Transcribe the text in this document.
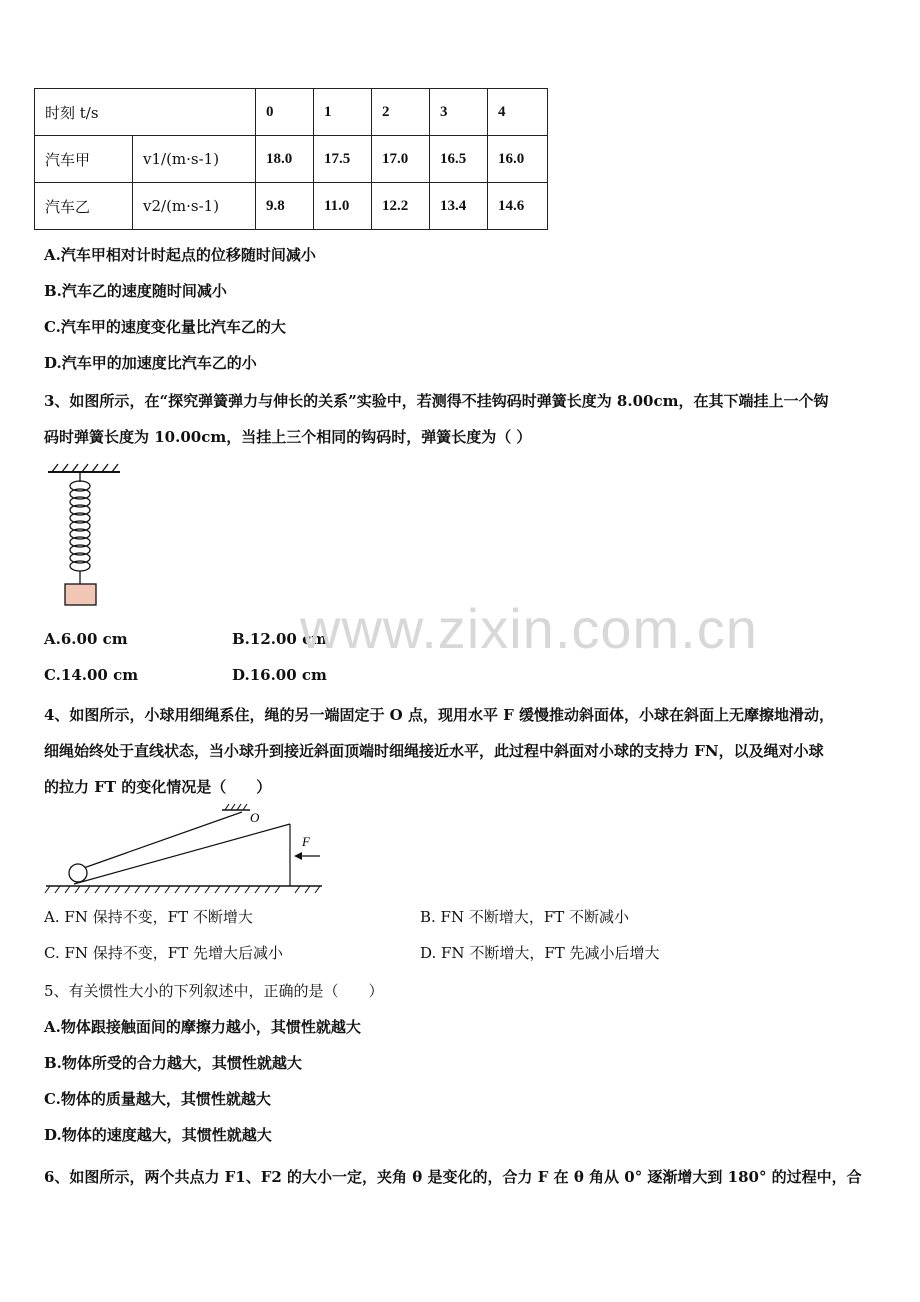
时刻 t/s		0	1	2	3	4
汽车甲	v1/(m·s-1)	18.0	17.5	17.0	16.5	16.0
汽车乙	v2/(m·s-1)	9.8	11.0	12.2	13.4	14.6
A.汽车甲相对计时起点的位移随时间减小
B.汽车乙的速度随时间减小
C.汽车甲的速度变化量比汽车乙的大
D.汽车甲的加速度比汽车乙的小
3、如图所示，在“探究弹簧弹力与伸长的关系”实验中，若测得不挂钩码时弹簧长度为 8.00cm，在其下端挂上一个钩
码时弹簧长度为 10.00cm，当挂上三个相同的钩码时，弹簧长度为（ ）
A.6.00 cm	B.12.00 cm
C.14.00 cm	D.16.00 cm
www.zixin.com.cn
4、如图所示，小球用细绳系住，绳的另一端固定于 O 点，现用水平 F 缓慢推动斜面体，小球在斜面上无摩擦地滑动，
细绳始终处于直线状态，当小球升到接近斜面顶端时细绳接近水平，此过程中斜面对小球的支持力 FN，以及绳对小球
的拉力 FT 的变化情况是（　　）
O
F
A. FN 保持不变，FT 不断增大	B. FN 不断增大，FT 不断减小
C. FN 保持不变，FT 先增大后减小	D. FN 不断增大，FT 先减小后增大
5、有关惯性大小的下列叙述中，正确的是（　　）
A.物体跟接触面间的摩擦力越小，其惯性就越大
B.物体所受的合力越大，其惯性就越大
C.物体的质量越大，其惯性就越大
D.物体的速度越大，其惯性就越大
6、如图所示，两个共点力 F1、F2 的大小一定，夹角 θ 是变化的，合力 F 在 θ 角从 0° 逐渐增大到 180° 的过程中，合
